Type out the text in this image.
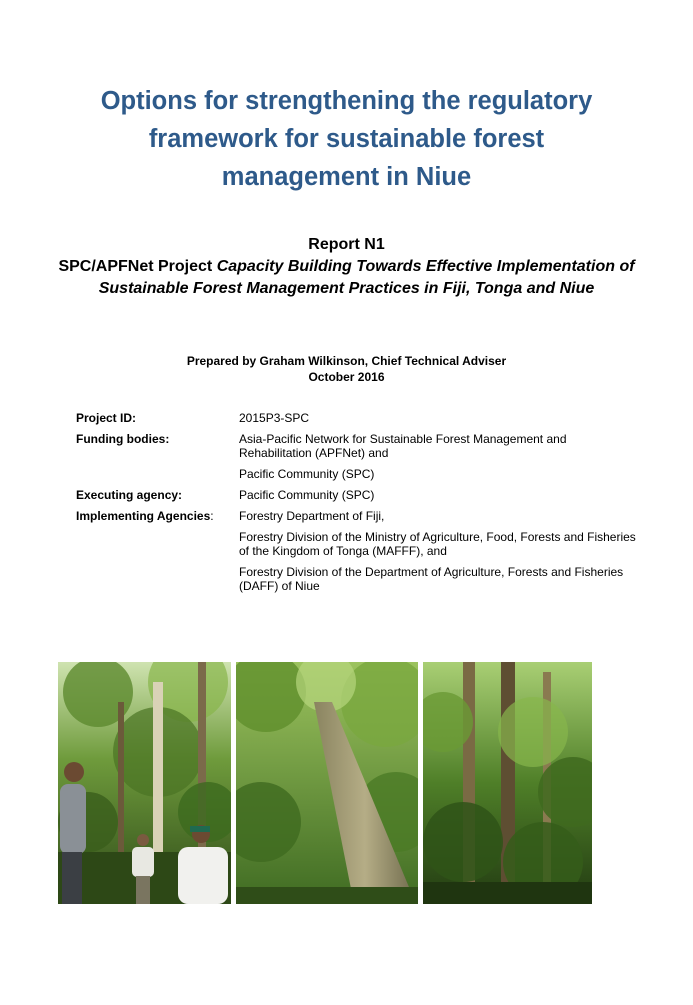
Options for strengthening the regulatory
framework for sustainable forest
management in Niue
Report N1
SPC/APFNet Project Capacity Building Towards Effective Implementation of Sustainable Forest Management Practices in Fiji, Tonga and Niue
Prepared by Graham Wilkinson, Chief Technical Adviser
October 2016
Project ID:	2015P3-SPC
Funding bodies:	Asia-Pacific Network for Sustainable Forest Management and Rehabilitation (APFNet) and

Pacific Community (SPC)

Executing agency:	Pacific Community (SPC)
Implementing Agencies:	Forestry Department of Fiji,

Forestry Division of the Ministry of Agriculture, Food, Forests and Fisheries of the Kingdom of Tonga (MAFFF), and

Forestry Division of the Department of Agriculture, Forests and Fisheries (DAFF) of Niue
